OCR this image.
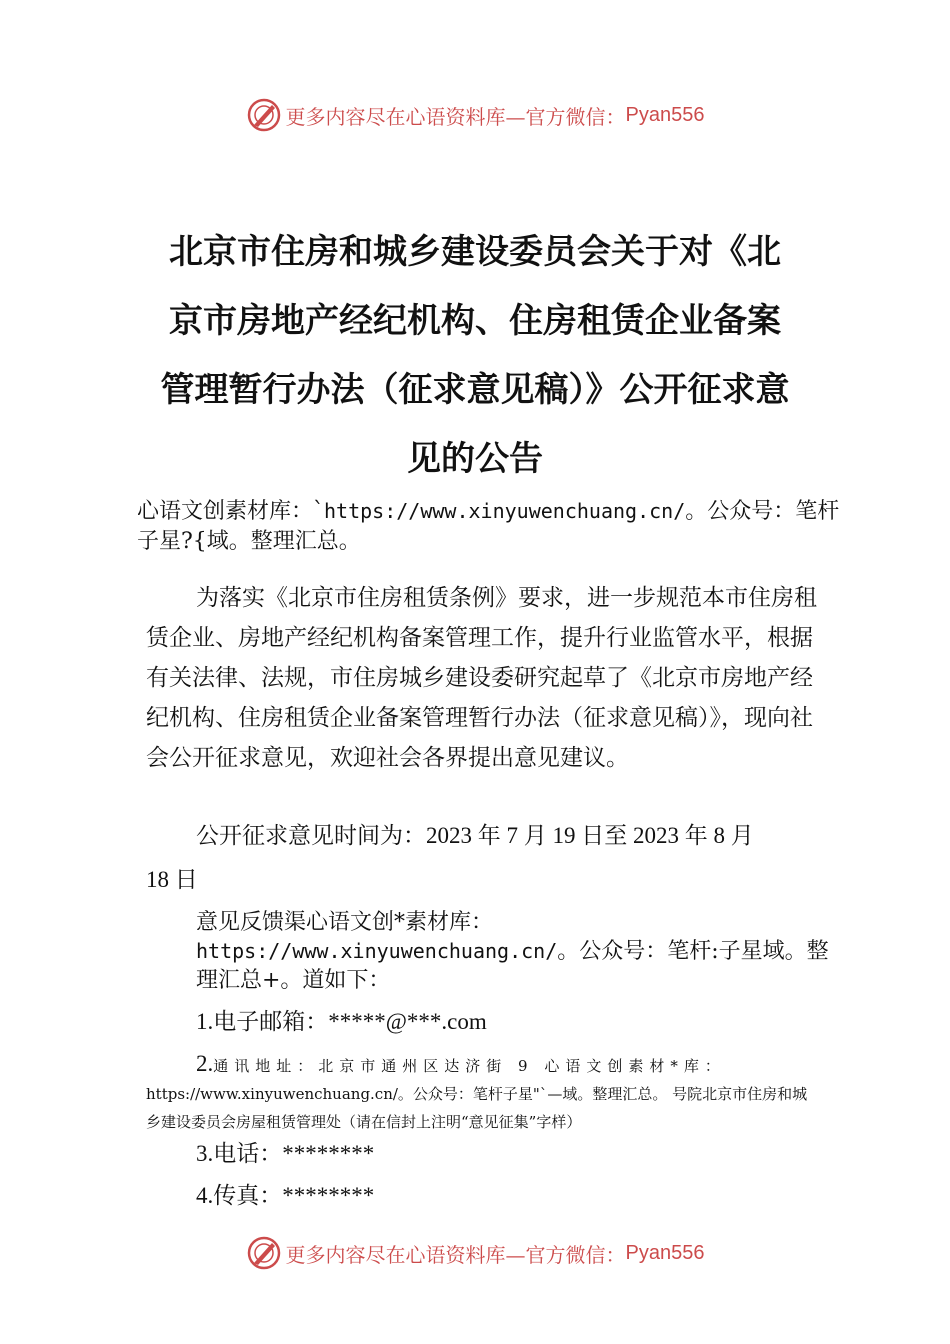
更多内容尽在心语资料库—官方微信： Pyan556
北京市住房和城乡建设委员会关于对《北
京市房地产经纪机构、住房租赁企业备案
管理暂行办法（征求意见稿）》公开征求意
见的公告
心语文创素材库：`https://www.xinyuwenchuang.cn/。公众号：笔杆子星?{域。整理汇总。
为落实《北京市住房租赁条例》要求，进一步规范本市住房租赁企业、房地产经纪机构备案管理工作，提升行业监管水平，根据有关法律、法规，市住房城乡建设委研究起草了《北京市房地产经纪机构、住房租赁企业备案管理暂行办法（征求意见稿）》，现向社会公开征求意见，欢迎社会各界提出意见建议。
公开征求意见时间为：2023 年 7 月 19 日至 2023 年 8 月
18 日
意见反馈渠心语文创*素材库：https://www.xinyuwenchuang.cn/。公众号：笔杆:子星域。整理汇总+。道如下：
1.电子邮箱：*****@***.com
2.通讯地址：北京市通州区达济街 9 心语文创素材*库：
https://www.xinyuwenchuang.cn/。公众号：笔杆子星"`—域。整理汇总。 号院北京市住房和城乡建设委员会房屋租赁管理处（请在信封上注明“意见征集”字样）
3.电话：********
4.传真：********
更多内容尽在心语资料库—官方微信： Pyan556
